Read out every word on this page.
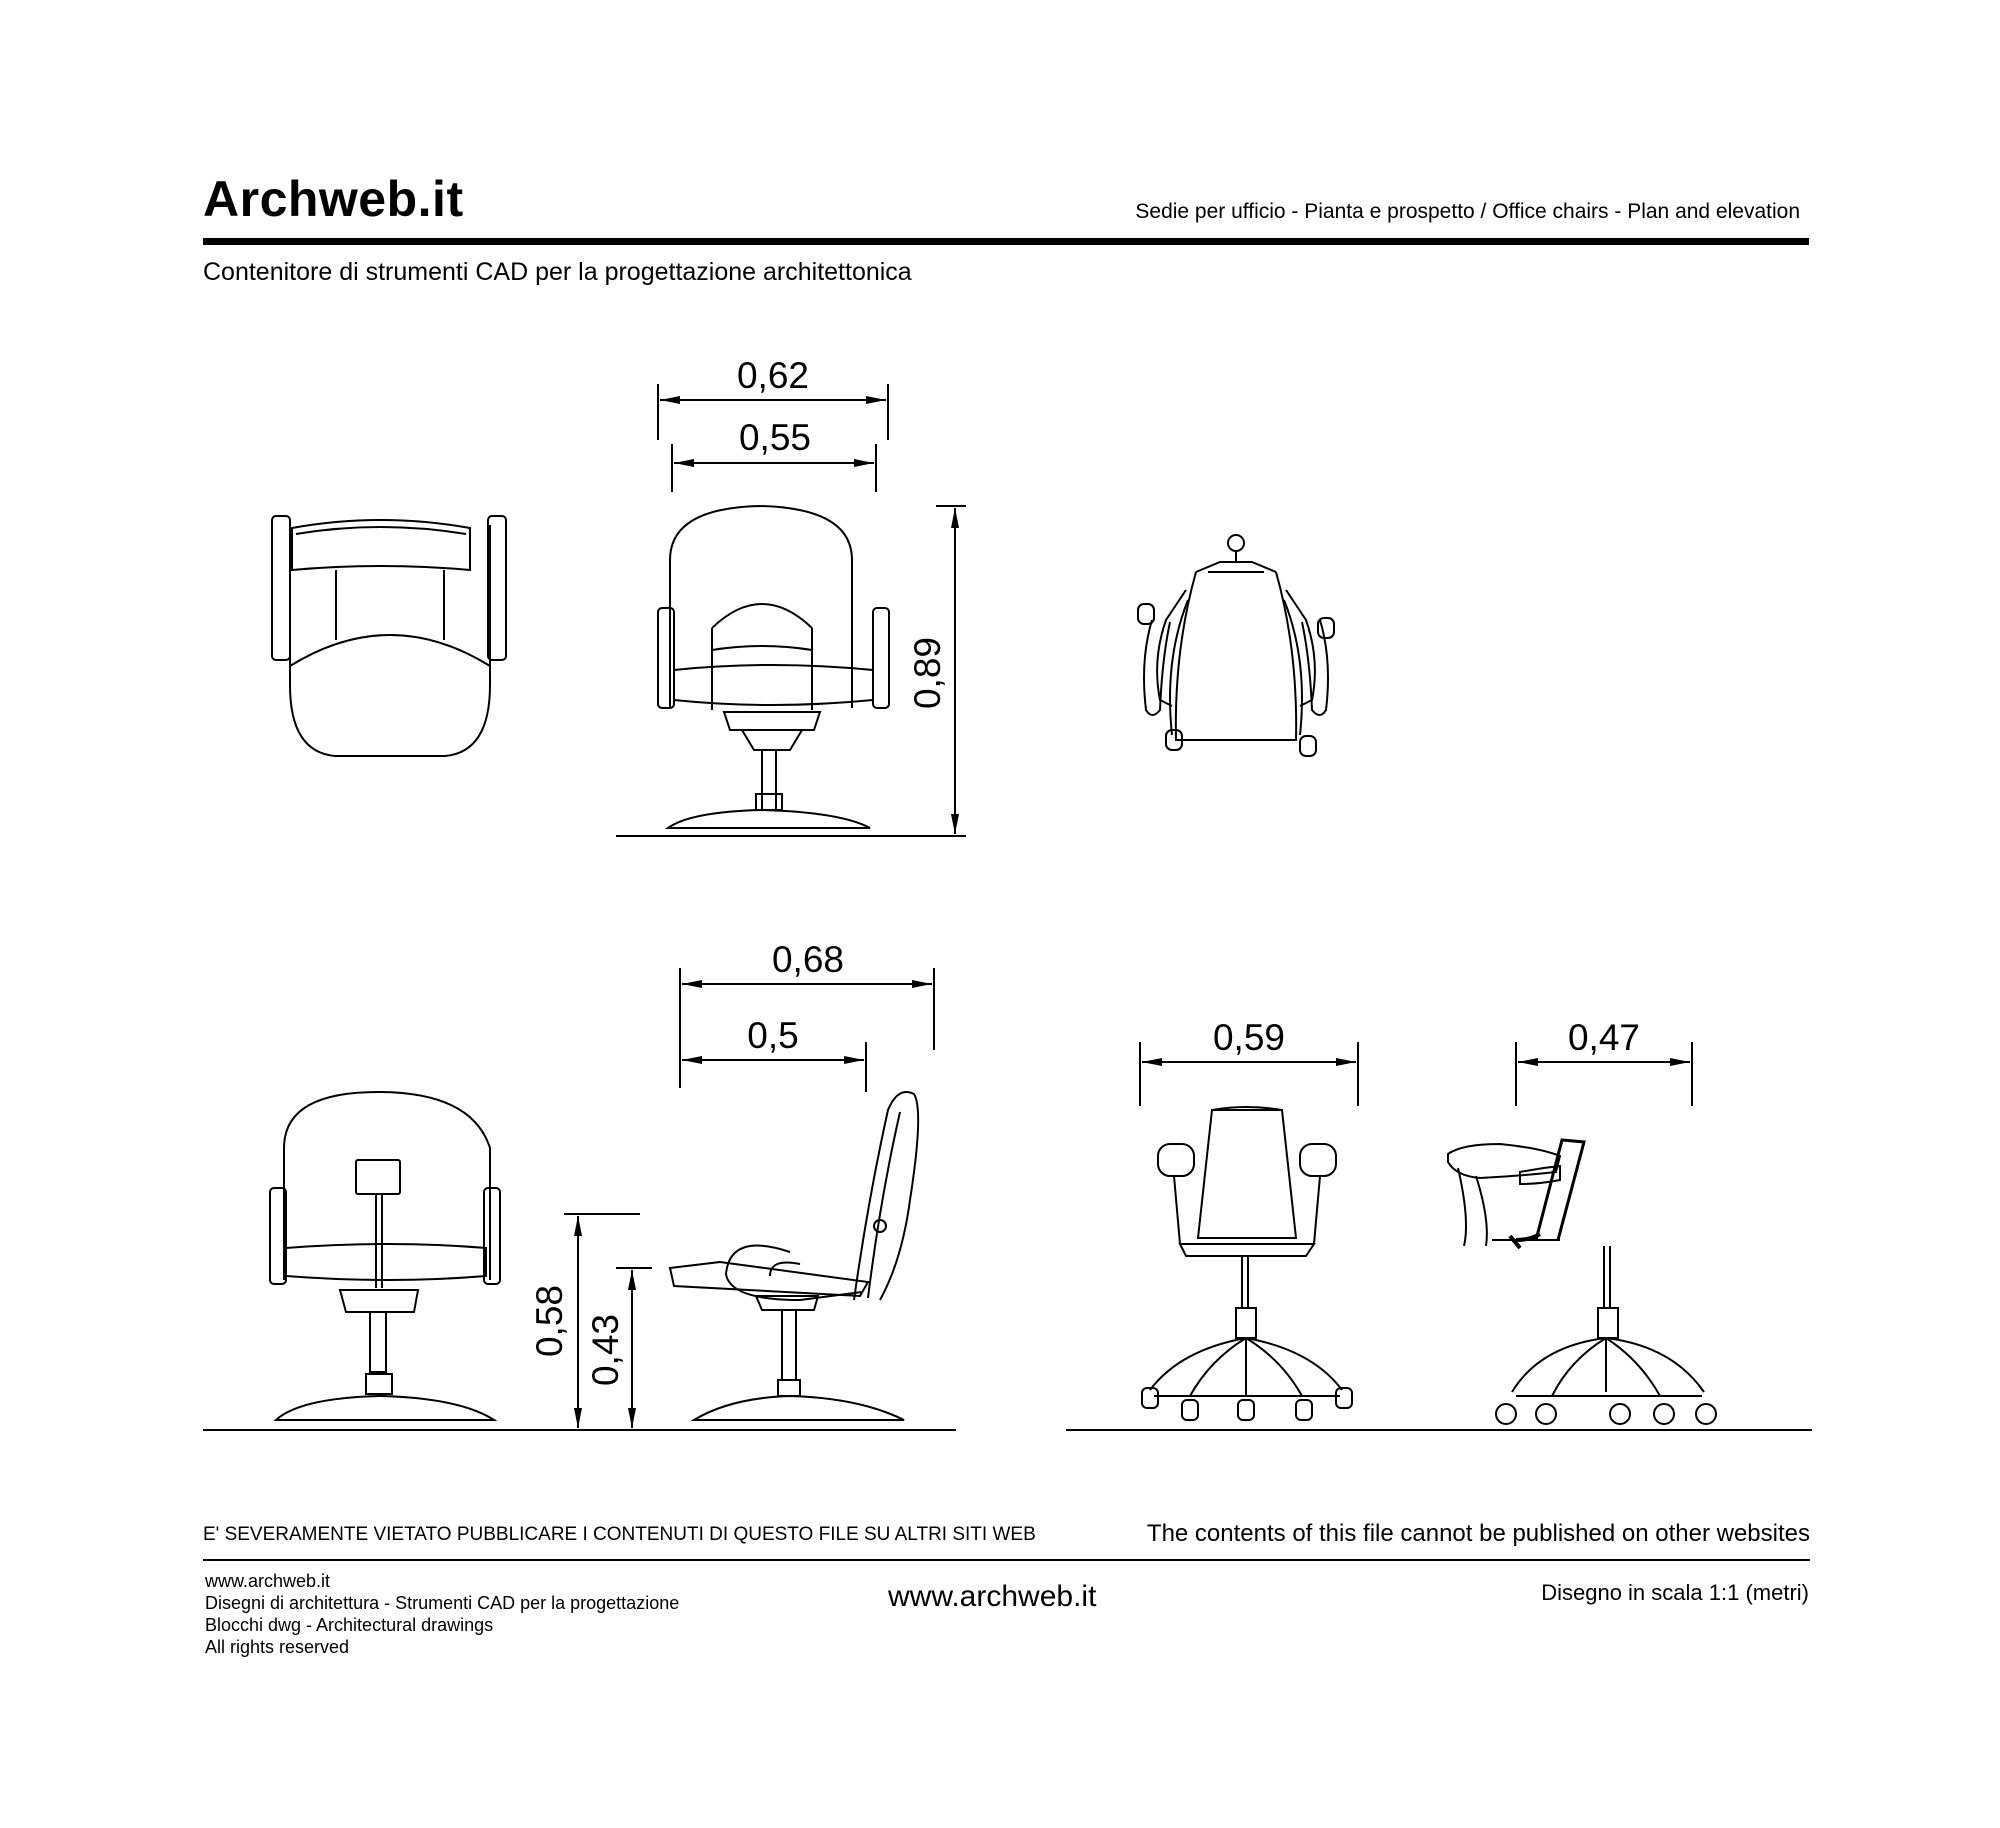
Archweb.it	Sedie per ufficio - Pianta e prospetto / Office chairs - Plan and elevation
Contenitore di strumenti CAD per la progettazione architettonica
0,62
0,55
0,89
0,68
0,5
0,58 0,43
0,59	0,47
E' SEVERAMENTE VIETATO PUBBLICARE I CONTENUTI DI QUESTO FILE SU ALTRI SITI WEB	The contents of this file cannot be published on other websites
www.archweb.it
Disegni di architettura - Strumenti CAD per la progettazione
Blocchi dwg - Architectural drawings
All rights reserved
www.archweb.it	Disegno in scala 1:1 (metri)
